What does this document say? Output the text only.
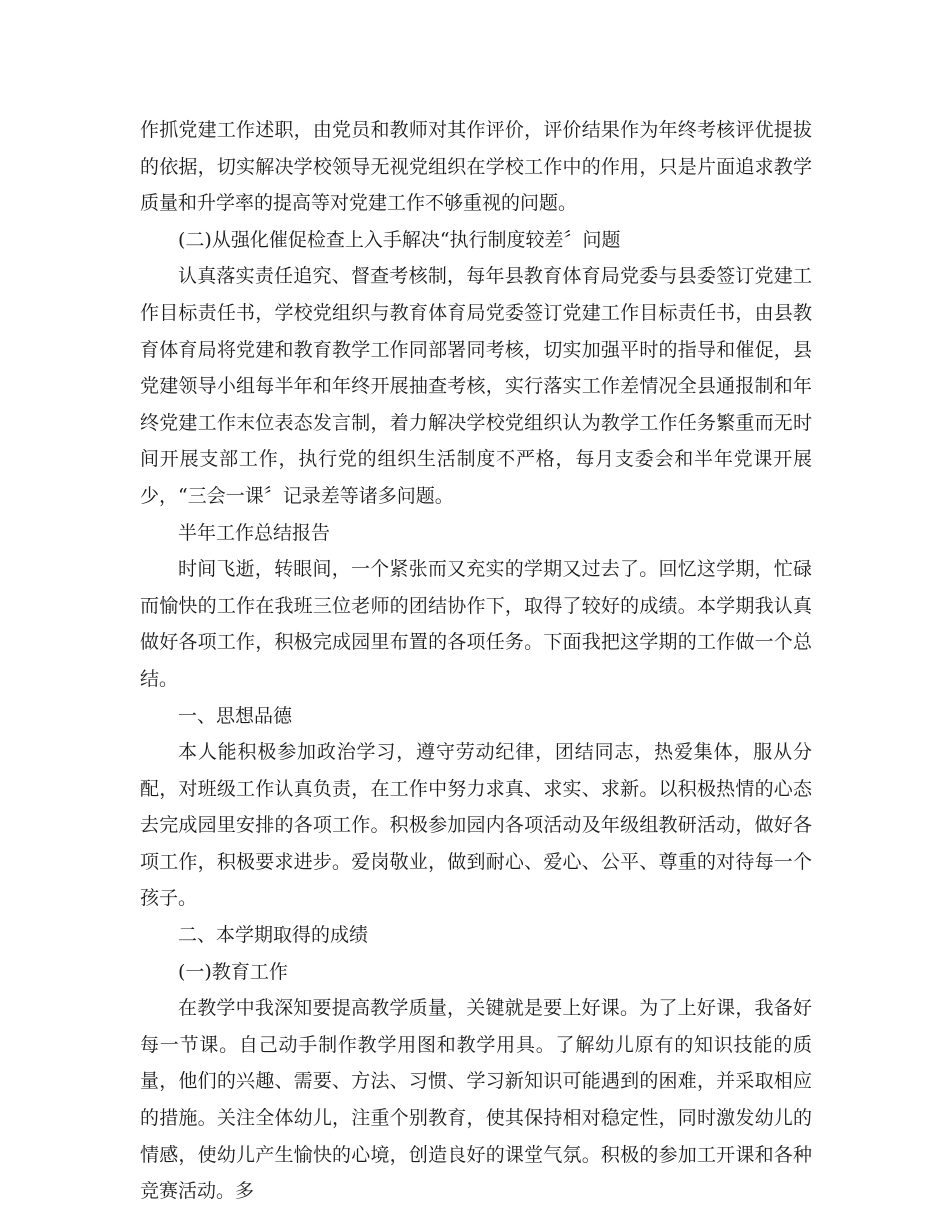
作抓党建工作述职，由党员和教师对其作评价，评价结果作为年终考核评优提拔的依据，切实解决学校领导无视党组织在学校工作中的作用，只是片面追求教学质量和升学率的提高等对党建工作不够重视的问题。

(二)从强化催促检查上入手解决“执行制度较差〞问题

认真落实责任追究、督查考核制，每年县教育体育局党委与县委签订党建工作目标责任书，学校党组织与教育体育局党委签订党建工作目标责任书，由县教育体育局将党建和教育教学工作同部署同考核，切实加强平时的指导和催促，县党建领导小组每半年和年终开展抽查考核，实行落实工作差情况全县通报制和年终党建工作末位表态发言制，着力解决学校党组织认为教学工作任务繁重而无时间开展支部工作，执行党的组织生活制度不严格，每月支委会和半年党课开展少，“三会一课〞记录差等诸多问题。

半年工作总结报告

时间飞逝，转眼间，一个紧张而又充实的学期又过去了。回忆这学期，忙碌而愉快的工作在我班三位老师的团结协作下，取得了较好的成绩。本学期我认真做好各项工作，积极完成园里布置的各项任务。下面我把这学期的工作做一个总结。

一、思想品德

本人能积极参加政治学习，遵守劳动纪律，团结同志，热爱集体，服从分配，对班级工作认真负责，在工作中努力求真、求实、求新。以积极热情的心态去完成园里安排的各项工作。积极参加园内各项活动及年级组教研活动，做好各项工作，积极要求进步。爱岗敬业，做到耐心、爱心、公平、尊重的对待每一个孩子。

二、本学期取得的成绩

(一)教育工作

在教学中我深知要提高教学质量，关键就是要上好课。为了上好课，我备好每一节课。自己动手制作教学用图和教学用具。了解幼儿原有的知识技能的质量，他们的兴趣、需要、方法、习惯、学习新知识可能遇到的困难，并采取相应的措施。关注全体幼儿，注重个别教育，使其保持相对稳定性，同时激发幼儿的情感，使幼儿产生愉快的心境，创造良好的课堂气氛。积极的参加工开课和各种竞赛活动。多
